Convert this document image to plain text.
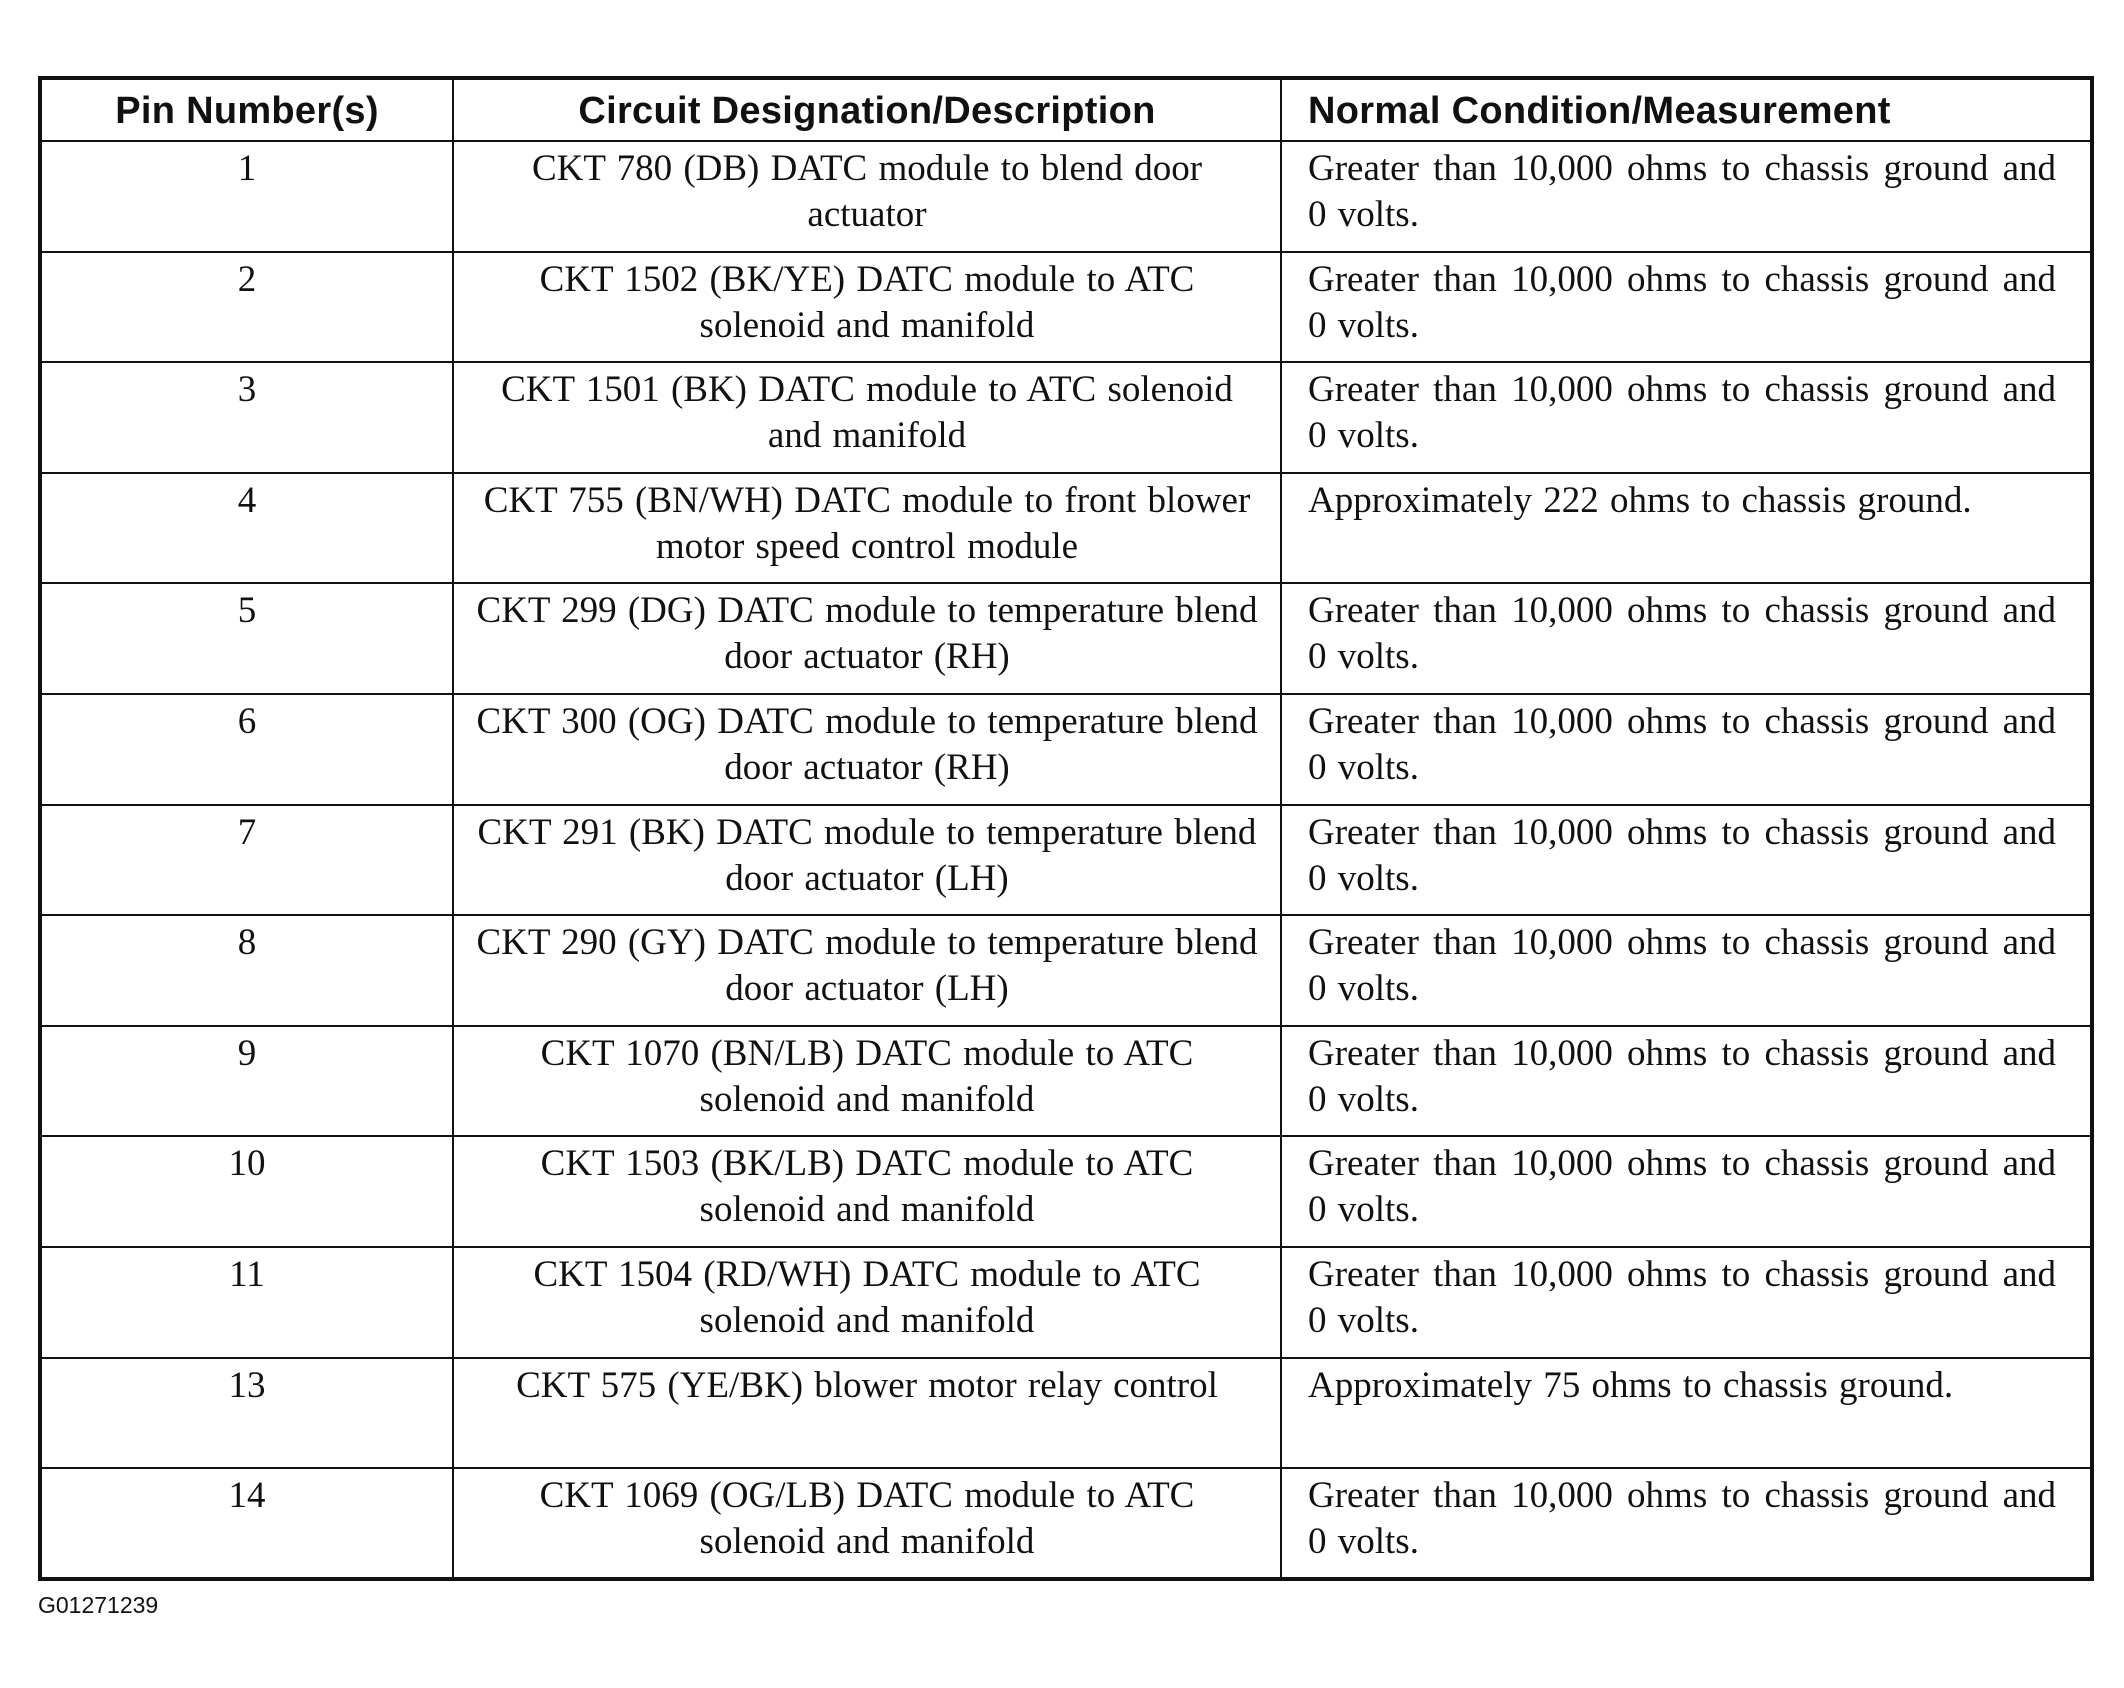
Pin Number(s)	Circuit Designation/Description	Normal Condition/Measurement
1	CKT 780 (DB) DATC module to blend door actuator	Greater than 10,000 ohms to chassis ground and 0 volts.
2	CKT 1502 (BK/YE) DATC module to ATC solenoid and manifold	Greater than 10,000 ohms to chassis ground and 0 volts.
3	CKT 1501 (BK) DATC module to ATC solenoid and manifold	Greater than 10,000 ohms to chassis ground and 0 volts.
4	CKT 755 (BN/WH) DATC module to front blower motor speed control module	Approximately 222 ohms to chassis ground.
5	CKT 299 (DG) DATC module to temperature blend door actuator (RH)	Greater than 10,000 ohms to chassis ground and 0 volts.
6	CKT 300 (OG) DATC module to temperature blend door actuator (RH)	Greater than 10,000 ohms to chassis ground and 0 volts.
7	CKT 291 (BK) DATC module to temperature blend door actuator (LH)	Greater than 10,000 ohms to chassis ground and 0 volts.
8	CKT 290 (GY) DATC module to temperature blend door actuator (LH)	Greater than 10,000 ohms to chassis ground and 0 volts.
9	CKT 1070 (BN/LB) DATC module to ATC solenoid and manifold	Greater than 10,000 ohms to chassis ground and 0 volts.
10	CKT 1503 (BK/LB) DATC module to ATC solenoid and manifold	Greater than 10,000 ohms to chassis ground and 0 volts.
11	CKT 1504 (RD/WH) DATC module to ATC solenoid and manifold	Greater than 10,000 ohms to chassis ground and 0 volts.
13	CKT 575 (YE/BK) blower motor relay control	Approximately 75 ohms to chassis ground.
14	CKT 1069 (OG/LB) DATC module to ATC solenoid and manifold	Greater than 10,000 ohms to chassis ground and 0 volts.
G01271239
